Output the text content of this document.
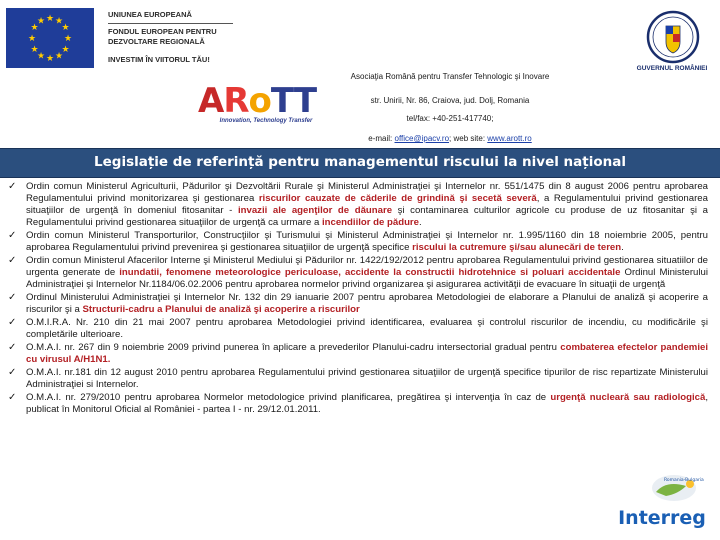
★ ★
★
★
★
★
★
★
★
★
★
★
UNIUNEA EUROPEANĂ
FONDUL EUROPEAN PENTRU
DEZVOLTARE REGIONALĂ
INVESTIM ÎN VIITORUL TĂU!
GUVERNUL ROMÂNIEI
ARoTT
Innovation, Technology Transfer
Asociaţia Română pentru Transfer Tehnologic şi Inovare
str. Unirii, Nr. 86, Craiova, jud. Dolj, Romania
tel/fax: +40-251-417740;
e-mail: office@ipacv.ro; web site: www.arott.ro
Legislație de referință pentru managementul riscului la nivel național
✓ Ordin comun Ministerul Agriculturii, Pădurilor şi Dezvoltării Rurale şi Ministerul Administraţiei şi Internelor nr. 551/1475 din 8 august 2006 pentru aprobarea Regulamentului privind monitorizarea şi gestionarea riscurilor cauzate de căderile de grindină şi secetă severă, a Regulamentului privind gestionarea situaţiilor de urgenţă în domeniul fitosanitar - invazii ale agenţilor de dăunare şi contaminarea culturilor agricole cu produse de uz fitosanitar şi a Regulamentului privind gestionarea situaţiilor de urgenţă ca urmare a incendiilor de pădure.
✓ Ordin comun Ministerul Transporturilor, Construcţiilor şi Turismului şi Ministerul Administraţiei şi Internelor nr. 1.995/1160 din 18 noiembrie 2005, pentru aprobarea Regulamentului privind prevenirea şi gestionarea situaţiilor de urgenţă specifice riscului la cutremure şi/sau alunecări de teren.
✓ Ordin comun Ministerul Afacerilor Interne şi Ministerul Mediului şi Pădurilor nr. 1422/192/2012 pentru aprobarea Regulamentului privind gestionarea situatiilor de urgenta generate de inundatii, fenomene meteorologice periculoase, accidente la constructii hidrotehnice si poluari accidentale Ordinul Ministerului Administraţiei şi Internelor Nr.1184/06.02.2006 pentru aprobarea normelor privind organizarea şi asigurarea activităţii de evacuare în situaţii de urgenţă
✓ Ordinul Ministerului Administraţiei şi Internelor Nr. 132 din 29 ianuarie 2007 pentru aprobarea Metodologiei de elaborare a Planului de analiză şi acoperire a riscurilor şi a Structurii-cadru a Planului de analiză şi acoperire a riscurilor
✓ O.M.I.R.A. Nr. 210 din 21 mai 2007 pentru aprobarea Metodologiei privind identificarea, evaluarea şi controlul riscurilor de incendiu, cu modificările şi completările ulterioare.
✓ O.M.A.I. nr. 267 din 9 noiembrie 2009 privind punerea în aplicare a prevederilor Planului-cadru intersectorial gradual pentru combaterea efectelor pandemiei cu virusul A/H1N1.
✓ O.M.A.I. nr.181 din 12 august 2010 pentru aprobarea Regulamentului privind gestionarea situaţiilor de urgenţă specifice tipurilor de risc repartizate Ministerului Administraţiei si Internelor.
✓ O.M.A.I. nr. 279/2010 pentru aprobarea Normelor metodologice privind planificarea, pregătirea şi intervenţia în caz de urgenţă nucleară sau radiologică, publicat în Monitorul Oficial al României - partea I - nr. 29/12.01.2011.
Romania-Bulgaria
Interreg
